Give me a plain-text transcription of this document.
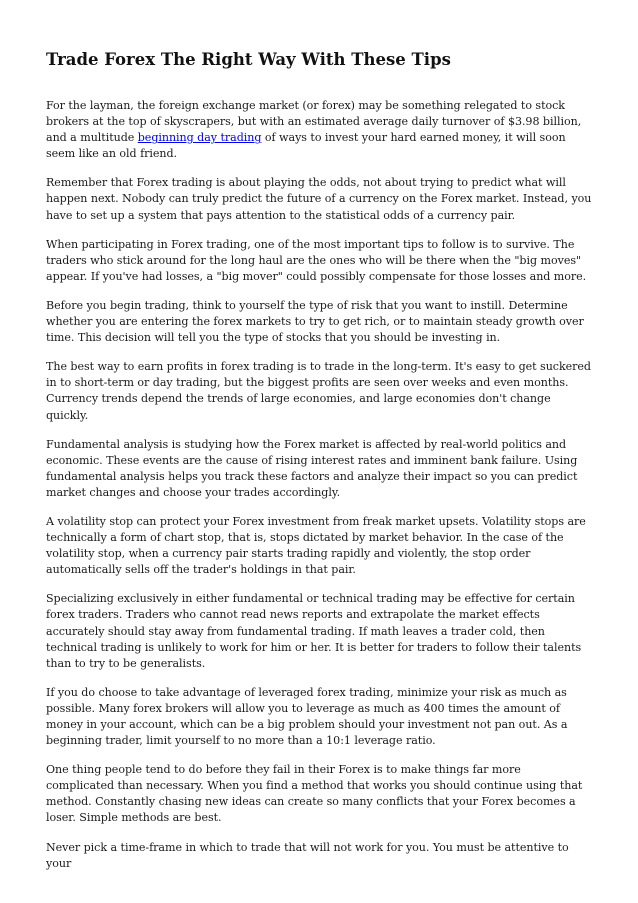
Trade Forex The Right Way With These Tips

For the layman, the foreign exchange market (or forex) may be something relegated to stock brokers at the top of skyscrapers, but with an estimated average daily turnover of $3.98 billion, and a multitude beginning day trading of ways to invest your hard earned money, it will soon seem like an old friend.

Remember that Forex trading is about playing the odds, not about trying to predict what will happen next. Nobody can truly predict the future of a currency on the Forex market. Instead, you have to set up a system that pays attention to the statistical odds of a currency pair.

When participating in Forex trading, one of the most important tips to follow is to survive. The traders who stick around for the long haul are the ones who will be there when the "big moves" appear. If you've had losses, a "big mover" could possibly compensate for those losses and more.

Before you begin trading, think to yourself the type of risk that you want to instill. Determine whether you are entering the forex markets to try to get rich, or to maintain steady growth over time. This decision will tell you the type of stocks that you should be investing in.

The best way to earn profits in forex trading is to trade in the long-term. It's easy to get suckered in to short-term or day trading, but the biggest profits are seen over weeks and even months. Currency trends depend the trends of large economies, and large economies don't change quickly.

Fundamental analysis is studying how the Forex market is affected by real-world politics and economic. These events are the cause of rising interest rates and imminent bank failure. Using fundamental analysis helps you track these factors and analyze their impact so you can predict market changes and choose your trades accordingly.

A volatility stop can protect your Forex investment from freak market upsets. Volatility stops are technically a form of chart stop, that is, stops dictated by market behavior. In the case of the volatility stop, when a currency pair starts trading rapidly and violently, the stop order automatically sells off the trader's holdings in that pair.

Specializing exclusively in either fundamental or technical trading may be effective for certain forex traders. Traders who cannot read news reports and extrapolate the market effects accurately should stay away from fundamental trading. If math leaves a trader cold, then technical trading is unlikely to work for him or her. It is better for traders to follow their talents than to try to be generalists.

If you do choose to take advantage of leveraged forex trading, minimize your risk as much as possible. Many forex brokers will allow you to leverage as much as 400 times the amount of money in your account, which can be a big problem should your investment not pan out. As a beginning trader, limit yourself to no more than a 10:1 leverage ratio.

One thing people tend to do before they fail in their Forex is to make things far more complicated than necessary. When you find a method that works you should continue using that method. Constantly chasing new ideas can create so many conflicts that your Forex becomes a loser. Simple methods are best.

Never pick a time-frame in which to trade that will not work for you. You must be attentive to your
